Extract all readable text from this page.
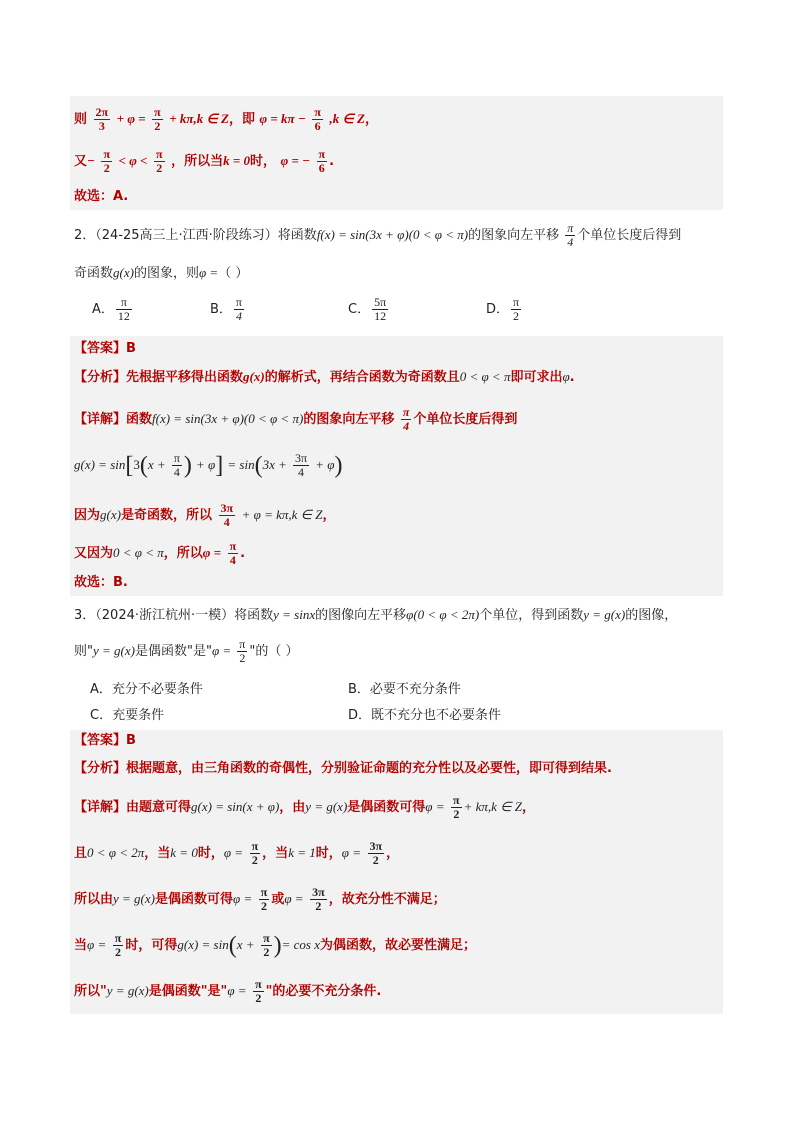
则 $\frac{2\pi}{3} + \varphi = \frac{\pi}{2} + k\pi,k$ ∈ Z，即 $\varphi = k\pi - \frac{\pi}{6} ,k$ ∈ Z，
又− $\frac{\pi}{2} < \varphi < \frac{\pi}{2}$ ，所以当k = 0时， φ = − $\frac{\pi}{6}$ .
故选：A.
2．（24-25高三上·江西·阶段练习）将函数f(x) = sin(3x + φ)(0 < φ < π)的图象向左平移 $\frac{\pi}{4}$ 个单位长度后得到
奇函数g(x)的图象，则φ =（ ）
A． $\frac{\pi}{12}$	B． $\frac{\pi}{4}$	C． $\frac{5\pi}{12}$	D． $\frac{\pi}{2}$
【答案】B
【分析】先根据平移得出函数g(x)的解析式，再结合函数为奇函数且0 < φ < π即可求出φ.
【详解】函数f(x) = sin(3x + φ)(0 < φ < π)的图象向左平移 $\frac{\pi}{4}$ 个单位长度后得到
$g(x) = \sin[3(x + \frac{\pi}{4}$ ) + $\varphi] = \sin(3x + \frac{3\pi}{4} + \varphi)$
因为g(x)是奇函数，所以 $\frac{3\pi}{4} + \varphi = k\pi,k$ ∈ Z，
又因为0 < φ < π，所以$\varphi = \frac{\pi}{4}$ .
故选：B.
3．（2024·浙江杭州·一模）将函数y = sinx的图像向左平移φ(0 < φ < 2π)个单位，得到函数y = g(x)的图像，
则"y = g(x)是偶函数"是"$\varphi = \frac{\pi}{2}$ "的（ ）
A．充分不必要条件	B．必要不充分条件
C．充要条件	D．既不充分也不必要条件
【答案】B
【分析】根据题意，由三角函数的奇偶性，分别验证命题的充分性以及必要性，即可得到结果.
【详解】由题意可得g(x) = sin(x + φ)，由y = g(x)是偶函数可得$\varphi = \frac{\pi}{2} + k\pi,k$ ∈ Z，
且0 < φ < 2π，当k = 0时，$\varphi = \frac{\pi}{2}$ ，当k = 1时，$\varphi = \frac{3\pi}{2}$ ，
所以由y = g(x)是偶函数可得$\varphi = \frac{\pi}{2}$ 或$\varphi = \frac{3\pi}{2}$ ，故充分性不满足；
当$\varphi = \frac{\pi}{2}$ 时，可得$g(x) = \sin(x + \frac{\pi}{2}$ )= cos x为偶函数，故必要性满足；
所以"y = g(x)是偶函数"是"$\varphi = \frac{\pi}{2}$ "的必要不充分条件.
